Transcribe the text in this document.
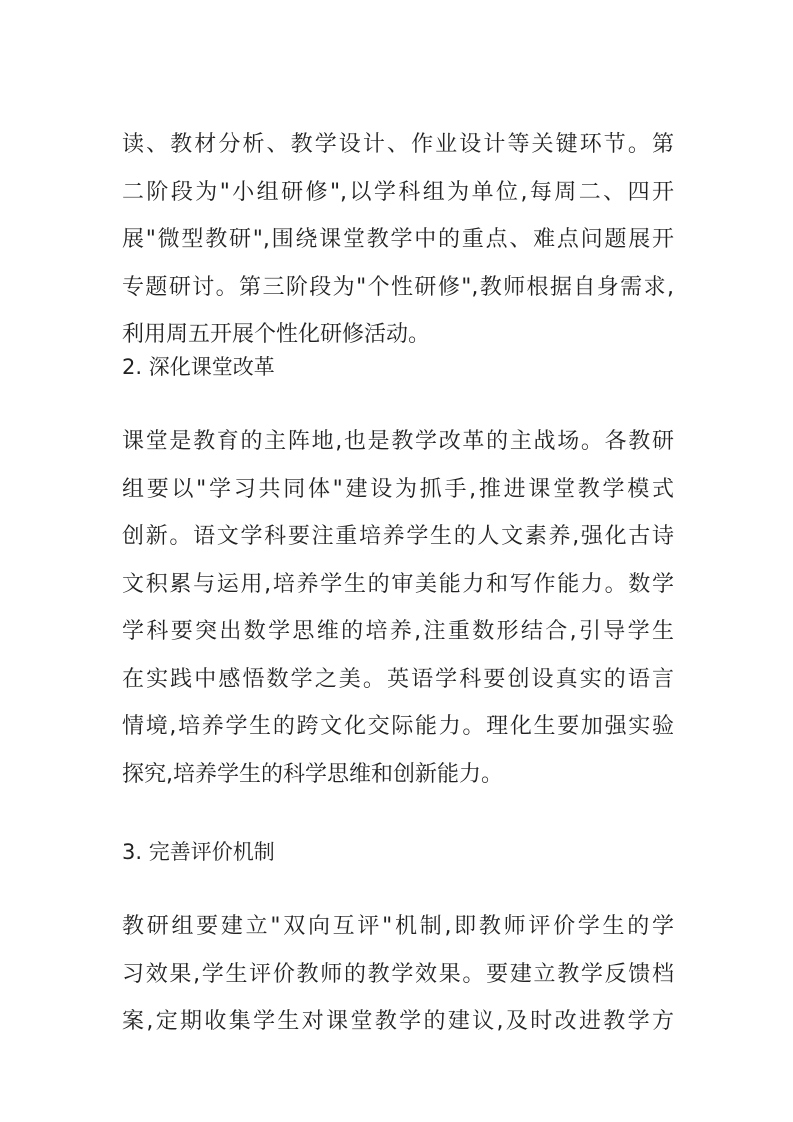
读、教材分析、教学设计、作业设计等关键环节。第
二阶段为"小组研修",以学科组为单位,每周二、四开
展"微型教研",围绕课堂教学中的重点、难点问题展开
专题研讨。第三阶段为"个性研修",教师根据自身需求,
利用周五开展个性化研修活动。
2. 深化课堂改革
课堂是教育的主阵地,也是教学改革的主战场。各教研
组要以"学习共同体"建设为抓手,推进课堂教学模式
创新。语文学科要注重培养学生的人文素养,强化古诗
文积累与运用,培养学生的审美能力和写作能力。数学
学科要突出数学思维的培养,注重数形结合,引导学生
在实践中感悟数学之美。英语学科要创设真实的语言
情境,培养学生的跨文化交际能力。理化生要加强实验
探究,培养学生的科学思维和创新能力。
3. 完善评价机制
教研组要建立"双向互评"机制,即教师评价学生的学
习效果,学生评价教师的教学效果。要建立教学反馈档
案,定期收集学生对课堂教学的建议,及时改进教学方
